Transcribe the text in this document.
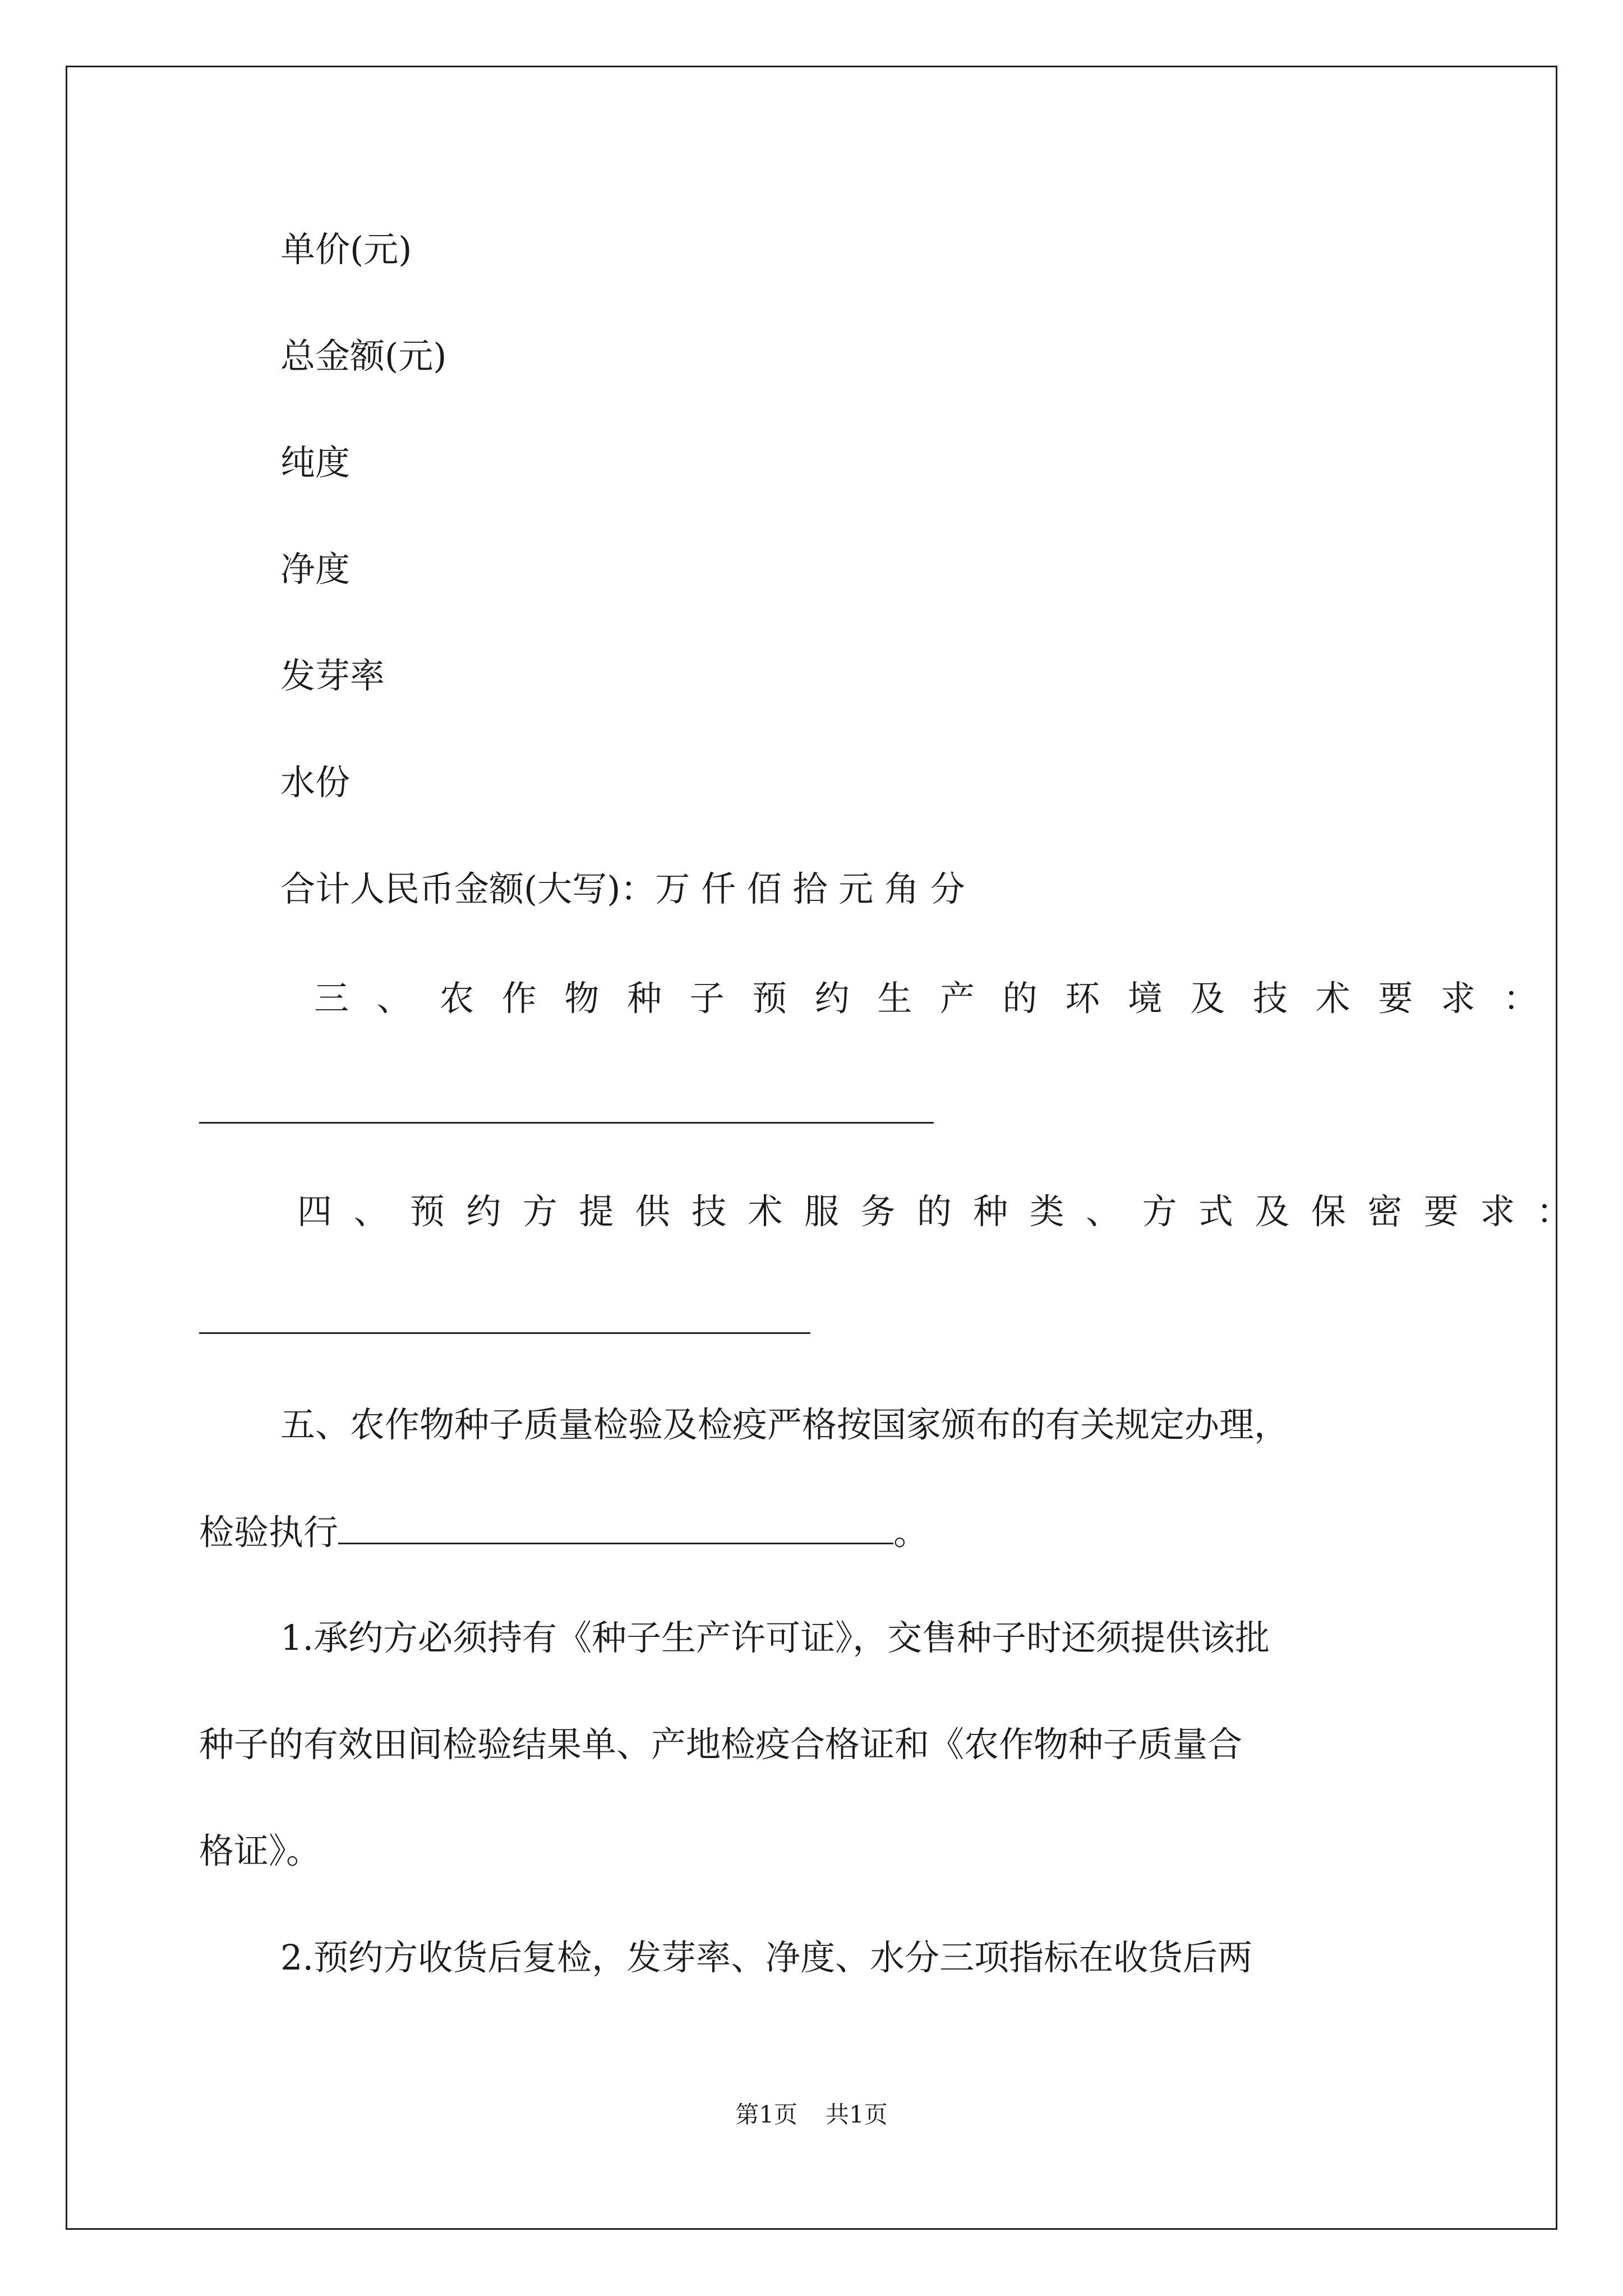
单价(元)
总金额(元)
纯度
净度
发芽率
水份
合计人民币金额(大写)：万 仟 佰 拾 元 角 分
三、农作物种子预约生产的环境及技术要求：
四、预约方提供技术服务的种类、方式及保密要求：
五、农作物种子质量检验及检疫严格按国家颁布的有关规定办理，
检验执行	。
1.承约方必须持有《种子生产许可证》，交售种子时还须提供该批
种子的有效田间检验结果单、产地检疫合格证和《农作物种子质量合
格证》。
2.预约方收货后复检，发芽率、净度、水分三项指标在收货后两
第1页 共1页
